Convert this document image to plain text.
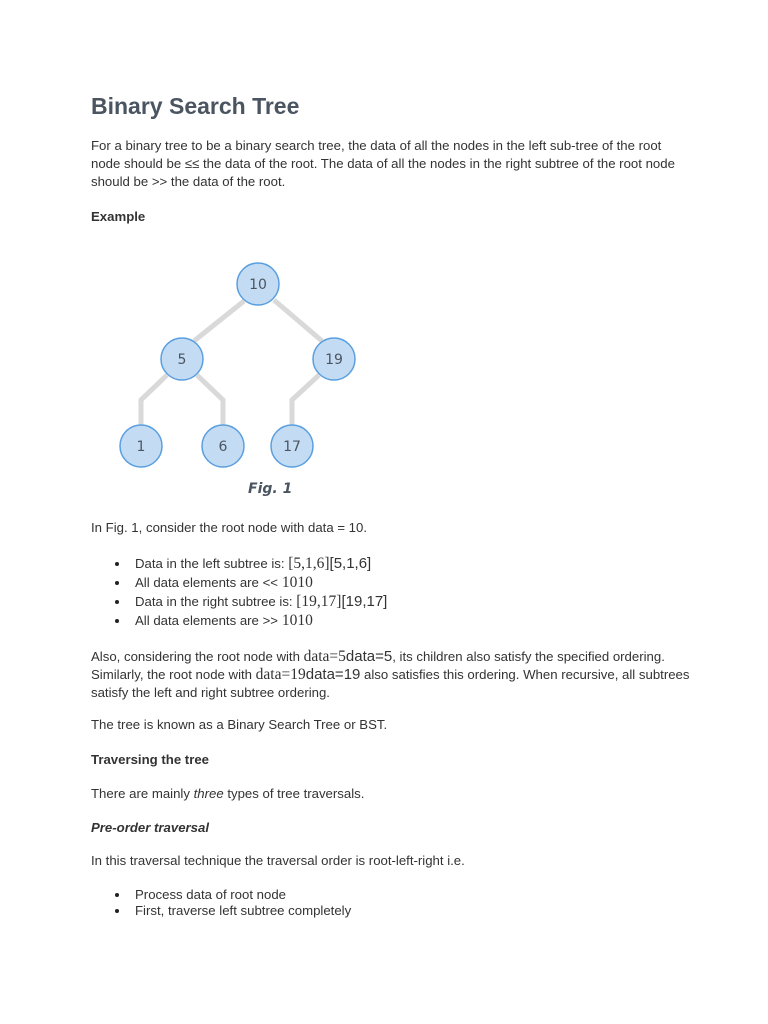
Binary Search Tree

For a binary tree to be a binary search tree, the data of all the nodes in the left sub-tree of the root node should be ≤≤ the data of the root. The data of all the nodes in the right subtree of the root node should be >> the data of the root.

Example

In Fig. 1, consider the root node with data = 10.

Data in the left subtree is: [5,1,6][5,1,6]
All data elements are << 1010
Data in the right subtree is: [19,17][19,17]
All data elements are >> 1010

Also, considering the root node with data=5data=5, its children also satisfy the specified ordering. Similarly, the root node with data=19data=19 also satisfies this ordering. When recursive, all subtrees satisfy the left and right subtree ordering.

The tree is known as a Binary Search Tree or BST.

Traversing the tree

There are mainly three types of tree traversals.

Pre-order traversal

In this traversal technique the traversal order is root-left-right i.e.

Process data of root node
First, traverse left subtree completely
10
5	19
1	6	17
Fig. 1
